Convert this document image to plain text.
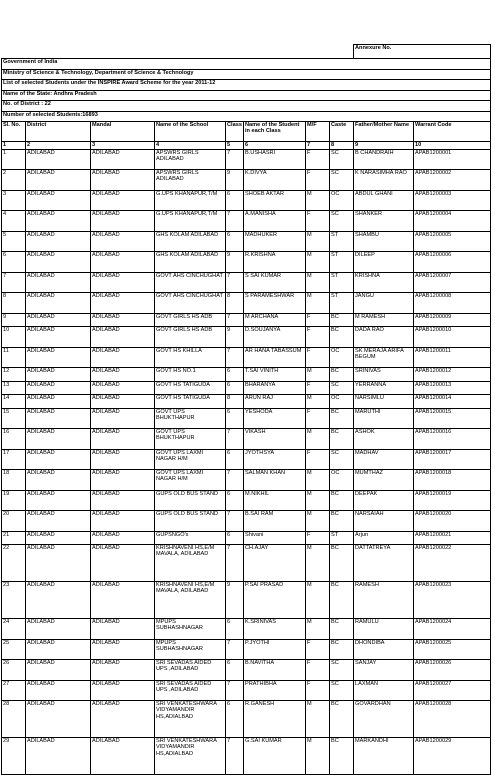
								Annexure No.	
Government of India									
Ministry of Science & Technology, Department of Science & Technology									
List of selected Students under the INSPIRE Award Scheme for the year 2011-12									
Name of the State: Andhra Pradesh									
No. of District : 22									
Number of selected Students:16893									
Sl. No.	District	Mandal	Name of the School	Class	Name of the Student in each Class	M/F	Caste	Father/Mother Name	Warrant Code
1	2	3	4	5	6	7	8	9	10
1	ADILABAD	ADILABAD	APSWRS GIRLS ADILABAD	7	B.USHASRI	F	SC	B CHANDRAIH	APAB1200001
2	ADILABAD	ADILABAD	APSWRS GIRLS ADILABAD	9	K.DIVYA	F	SC	K NARASIMHA RAO	APAB1200002
3	ADILABAD	ADILABAD	G.UPS KHANAPUR,T/M	6	SHOEB AKTAR	M	OC	ABDUL GHANI	APAB1200003
4	ADILABAD	ADILABAD	G.UPS KHANAPUR,T/M	7	A.MANISHA	F	SC	SHANKER	APAB1200004
5	ADILABAD	ADILABAD	GHS KOLAM ADILABAD	6	MADHUKER	M	ST	SHAMBU	APAB1200005
6	ADILABAD	ADILABAD	GHS KOLAM ADILABAD	9	R.KRISHNA	M	ST	DILEEP	APAB1200006
7	ADILABAD	ADILABAD	GOVT AHS CINCHUGHAT	7	S SAI KUMAR	M	ST	KRISHNA	APAB1200007
8	ADILABAD	ADILABAD	GOVT AHS CINCHUGHAT	8	S PARAMESHWAR	M	ST	JANGU	APAB1200008
9	ADILABAD	ADILABAD	GOVT GIRLS HS ADB	7	M ARCHANA	F	BC	M RAMESH	APAB1200009
10	ADILABAD	ADILABAD	GOVT GIRLS HS ADB	9	D.SOUJANYA	F	BC	DADA RAO	APAB1200010
11	ADILABAD	ADILABAD	GOVT HS KHILLA	7	AR HANA TABASSUM	F	OC	SK MERAJA ARIFA BEGUM	APAB1200011
12	ADILABAD	ADILABAD	GOVT HS NO.1	6	T.SAI VINITH	M	BC	SRINIVAS	APAB1200012
13	ADILABAD	ADILABAD	GOVT HS TATIGUDA	6	BHARANYA	F	SC	YERRANNA	APAB1200013
14	ADILABAD	ADILABAD	GOVT HS TATIGUDA	8	ARUN RAJ	M	OC	NARSIMLU	APAB1200014
15	ADILABAD	ADILABAD	GOVT UPS BHUKTHAPUR	6	YESHODA	F	BC	MARUTHI	APAB1200015
16	ADILABAD	ADILABAD	GOVT UPS BHUKTHAPUR	7	VIKASH	M	BC	ASHOK	APAB1200016
17	ADILABAD	ADILABAD	GOVT UPS LAXMI NAGAR H/M	6	JYOTHSYA	F	SC	MADHAV	APAB1200017
18	ADILABAD	ADILABAD	GOVT UPS LAXMI NAGAR H/M	7	SALMAN KHAN	M	OC	MUMTHAZ	APAB1200018
19	ADILABAD	ADILABAD	GUPS OLD BUS STAND	6	M.NIKHIL	M	BC	DEEPAK	APAB1200019
20	ADILABAD	ADILABAD	GUPS OLD BUS STAND	7	B.SAI RAM	M	BC	NARSAIAH	APAB1200020
21	ADILABAD	ADILABAD	GUPSNGO's	6	Shivani	F	ST	Arjun	APAB1200021
22	ADILABAD	ADILABAD	KRISHNAVENI HS,E/M MAVALA, ADILABAD	7	CH.AJAY	M	BC	DATTATREYA	APAB1200022
23	ADILABAD	ADILABAD	KRISHNAVENI HS,E/M MAVALA, ADILABAD	9	P.SAI PRASAD	M	BC	RAMESH	APAB1200023
24	ADILABAD	ADILABAD	MPUPS SUBHASHNAGAR	6	K.SRINIVAS	M	BC	RAMULU	APAB1200024
25	ADILABAD	ADILABAD	MPUPS SUBHASHNAGAR	7	P.JYOTHI	F	BC	DHONDIBA	APAB1200025
26	ADILABAD	ADILABAD	SRI SEVADAS AIDED UPS ,ADILABAD	6	B.NAVITHA	F	SC	SANJAY	APAB1200026
27	ADILABAD	ADILABAD	SRI SEVADAS AIDED UPS ,ADILABAD	7	PRATHIBHA	F	SC	LAXMAN	APAB1200027
28	ADILABAD	ADILABAD	SRI VENKATESHWARA VIDYAMANDIR HS,ADIALBAD	6	R.GANESH	M	BC	GOVARDHAN	APAB1200028
29	ADILABAD	ADILABAD	SRI VENKATESHWARA VIDYAMANDIR HS,ADIALBAD	7	G.SAI KUMAR	M	BC	MARKANDHI	APAB1200029
